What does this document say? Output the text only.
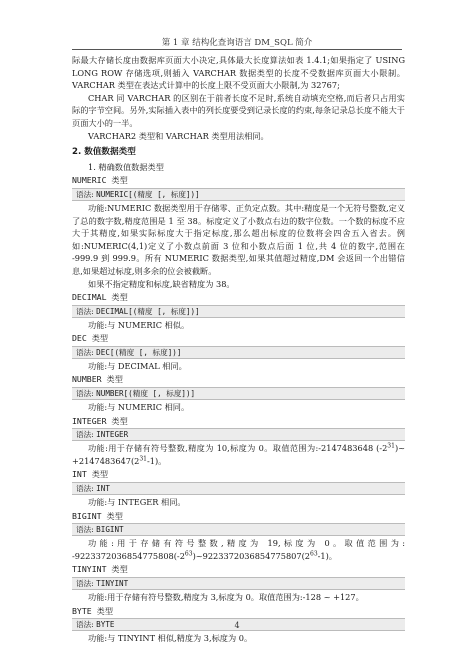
第 1 章 结构化查询语言 DM_SQL 简介

际最大存储长度由数据库页面大小决定,具体最大长度算法如表 1.4.1;如果指定了 USING LONG ROW 存储选项,则插入 VARCHAR 数据类型的长度不受数据库页面大小限制。VARCHAR 类型在表达式计算中的长度上限不受页面大小限制,为 32767;

CHAR 同 VARCHAR 的区别在于前者长度不足时,系统自动填充空格,而后者只占用实际的字节空间。另外,实际插入表中的列长度要受到记录长度的约束,每条记录总长度不能大于页面大小的一半。

VARCHAR2 类型和 VARCHAR 类型用法相同。

2. 数值数据类型

1. 精确数值数据类型

NUMERIC 类型

语法: NUMERIC[(精度 [, 标度])]

功能:NUMERIC 数据类型用于存储零、正负定点数。其中:精度是一个无符号整数,定义了总的数字数,精度范围是 1 至 38。标度定义了小数点右边的数字位数。一个数的标度不应大于其精度,如果实际标度大于指定标度,那么超出标度的位数将会四舍五入省去。例如:NUMERIC(4,1)定义了小数点前面 3 位和小数点后面 1 位,共 4 位的数字,范围在 -999.9 到 999.9。所有 NUMERIC 数据类型,如果其值超过精度,DM 会返回一个出错信息,如果超过标度,则多余的位会被截断。

如果不指定精度和标度,缺省精度为 38。

DECIMAL 类型

语法: DECIMAL[(精度 [, 标度])]

功能:与 NUMERIC 相似。

DEC 类型

语法: DEC[(精度 [, 标度])]

功能:与 DECIMAL 相同。

NUMBER 类型

语法: NUMBER[(精度 [, 标度])]

功能:与 NUMERIC 相同。

INTEGER 类型

语法: INTEGER

功能:用于存储有符号整数,精度为 10,标度为 0。取值范围为:-2147483648 $(-2^{31})\sim +2147483647(2^{31}-1)$。

INT 类型

语法: INT

功能:与 INTEGER 相同。

BIGINT 类型

语法: BIGINT

功能:用于存储有符号整数,精度为 19,标度为 0。取值范围为: $-9223372036854775808(-2^{63})\sim 9223372036854775807(2^{63}-1)$。

TINYINT 类型

语法: TINYINT

功能:用于存储有符号整数,精度为 3,标度为 0。取值范围为:-128 ~ +127。

BYTE 类型

语法: BYTE

功能:与 TINYINT 相似,精度为 3,标度为 0。

4
